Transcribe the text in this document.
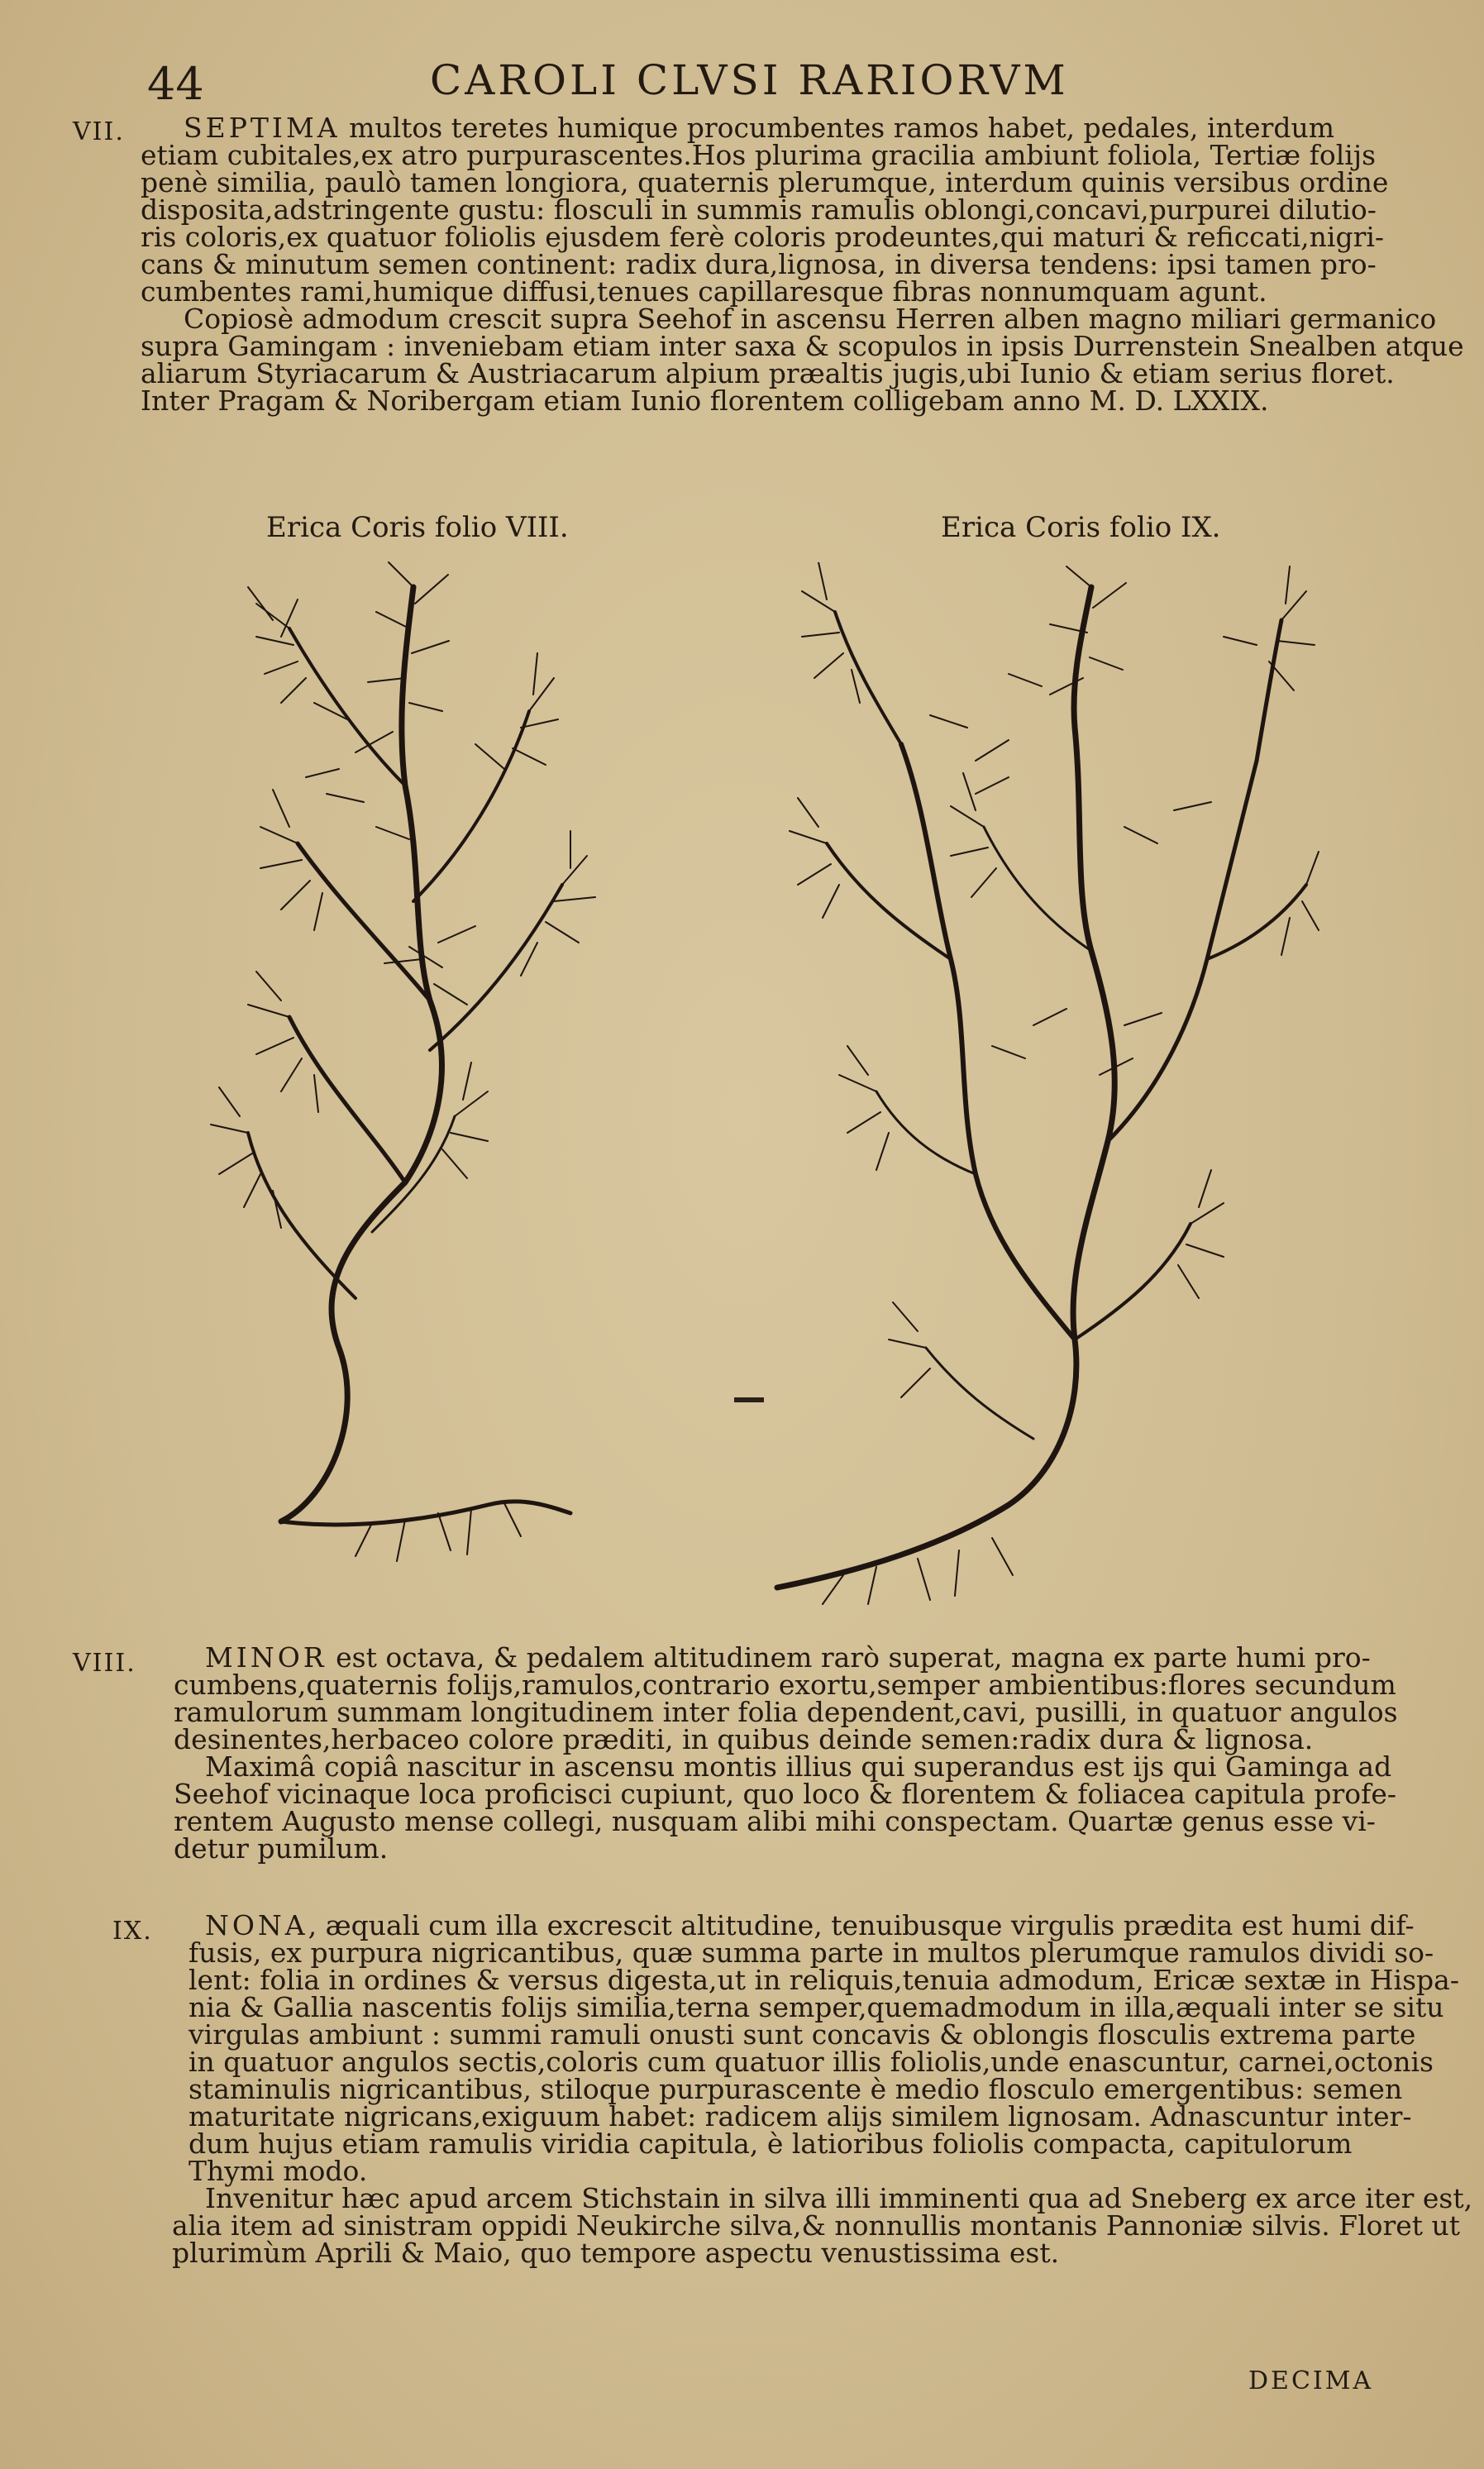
44	CAROLI CLVSI RARIORVM
VII. SEPTIMA multos teretes humique procumbentes ramos habet, pedales, interdum
etiam cubitales,ex atro purpurascentes.Hos plurima gracilia ambiunt foliola, Tertiæ folijs
penè similia, paulò tamen longiora, quaternis plerumque, interdum quinis versibus ordine
disposita,adstringente gustu: flosculi in summis ramulis oblongi,concavi,purpurei dilutio-
ris coloris,ex quatuor foliolis ejusdem ferè coloris prodeuntes,qui maturi & reficcati,nigri-
cans & minutum semen continent: radix dura,lignosa, in diversa tendens: ipsi tamen pro-
cumbentes rami,humique diffusi,tenues capillaresque fibras nonnumquam agunt.
Copiosè admodum crescit supra Seehof in ascensu Herren alben magno miliari germanico
supra Gamingam : inveniebam etiam inter saxa & scopulos in ipsis Durrenstein Snealben atque
aliarum Styriacarum & Austriacarum alpium præaltis jugis,ubi Iunio & etiam serius floret.
Inter Pragam & Noribergam etiam Iunio florentem colligebam anno M. D. LXXIX.
Erica Coris folio VIII.	Erica Coris folio IX.
VIII.	MINOR est octava, & pedalem altitudinem rarò superat, magna ex parte humi pro-
cumbens,quaternis folijs,ramulos,contrario exortu,semper ambientibus:flores secundum
ramulorum summam longitudinem inter folia dependent,cavi, pusilli, in quatuor angulos
desinentes,herbaceo colore præditi, in quibus deinde semen:radix dura & lignosa.
Maximâ copiâ nascitur in ascensu montis illius qui superandus est ijs qui Gaminga ad
Seehof vicinaque loca proficisci cupiunt, quo loco & florentem & foliacea capitula profe-
rentem Augusto mense collegi, nusquam alibi mihi conspectam. Quartæ genus esse vi-
detur pumilum.
IX. NONA, æquali cum illa excrescit altitudine, tenuibusque virgulis prædita est humi dif-
fusis, ex purpura nigricantibus, quæ summa parte in multos plerumque ramulos dividi so-
lent: folia in ordines & versus digesta,ut in reliquis,tenuia admodum, Ericæ sextæ in Hispa-
nia & Gallia nascentis folijs similia,terna semper,quemadmodum in illa,æquali inter se situ
virgulas ambiunt : summi ramuli onusti sunt concavis & oblongis flosculis extrema parte
in quatuor angulos sectis,coloris cum quatuor illis foliolis,unde enascuntur, carnei,octonis
staminulis nigricantibus, stiloque purpurascente è medio flosculo emergentibus: semen
maturitate nigricans,exiguum habet: radicem alijs similem lignosam. Adnascuntur inter-
dum hujus etiam ramulis viridia capitula, è latioribus foliolis compacta, capitulorum
Thymi modo.
Invenitur hæc apud arcem Stichstain in silva illi imminenti qua ad Sneberg ex arce iter est,
alia item ad sinistram oppidi Neukirche silva,& nonnullis montanis Pannoniæ silvis. Floret ut
plurimùm Aprili & Maio, quo tempore aspectu venustissima est.
DECIMA
